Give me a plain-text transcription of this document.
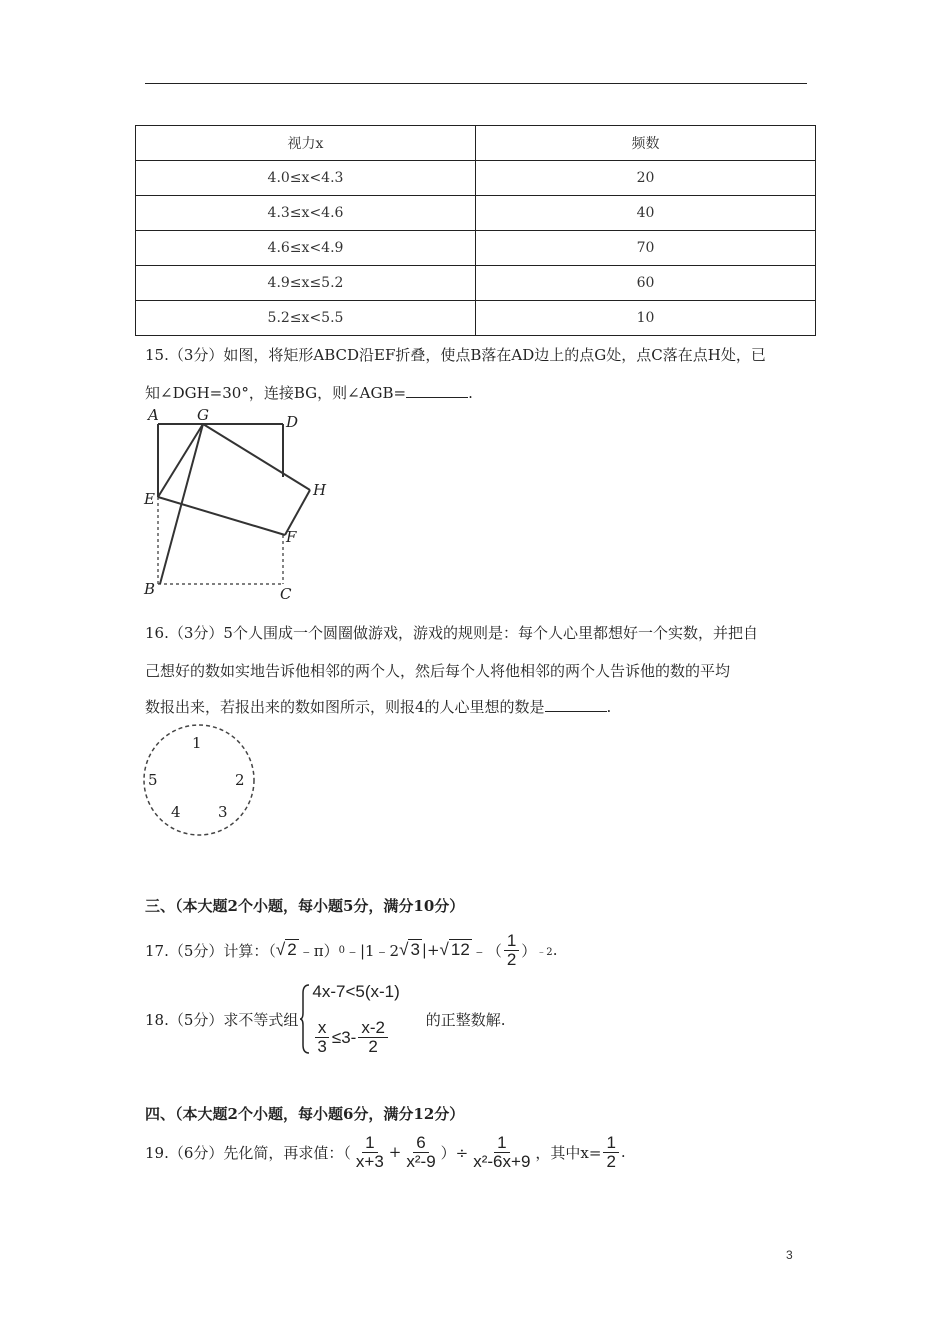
视力x	频数
4.0≤x<4.3	20
4.3≤x<4.6	40
4.6≤x<4.9	70
4.9≤x≤5.2	60
5.2≤x<5.5	10
15.（3分）如图，将矩形ABCD沿EF折叠，使点B落在AD边上的点G处，点C落在点H处，已
知∠DGH=30°，连接BG，则∠AGB=	.
A	G	D
E	H
F
B	C
16.（3分）5个人围成一个圆圈做游戏，游戏的规则是：每个人心里都想好一个实数，并把自
己想好的数如实地告诉他相邻的两个人，然后每个人将他相邻的两个人告诉他的数的平均
数报出来，若报出来的数如图所示，则报4的人心里想的数是	.
1
2
3
4
5
三、（本大题2个小题，每小题5分，满分10分）
17.（5分）计算：（ √ 2 ﹣π） 0 ﹣|1﹣2 √ 3 |+ √ 12 ﹣（ $\frac{1}{2}$ ） ﹣2 .
18.（5分）求不等式组
4x-7<5(x-1)
$\frac{x}{3} \le 3- \frac{x-2}{2}$	的正整数解.
四、（本大题2个小题，每小题6分，满分12分）
19.（6分）先化简，再求值：（ $\frac{1}{x+3} + \frac{6}{\text{x²-9}}$ ）÷ $\frac{1}{\text{x²-6x+9}}$ ，其中$x= \frac{1}{2}$ .
3
